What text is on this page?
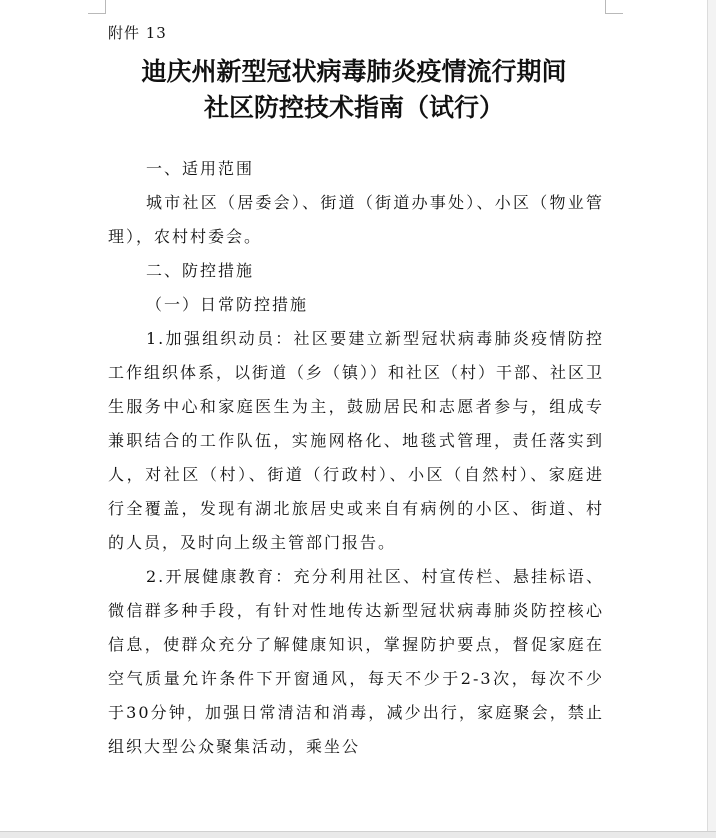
附件 13

迪庆州新型冠状病毒肺炎疫情流行期间
社区防控技术指南（试行）

一、适用范围

城市社区（居委会）、街道（街道办事处）、小区（物业管理），农村村委会。

二、防控措施

（一）日常防控措施

1.加强组织动员：社区要建立新型冠状病毒肺炎疫情防控工作组织体系，以街道（乡（镇））和社区（村）干部、社区卫生服务中心和家庭医生为主，鼓励居民和志愿者参与，组成专兼职结合的工作队伍，实施网格化、地毯式管理，责任落实到人，对社区（村）、街道（行政村）、小区（自然村）、家庭进行全覆盖，发现有湖北旅居史或来自有病例的小区、街道、村的人员，及时向上级主管部门报告。

2.开展健康教育：充分利用社区、村宣传栏、悬挂标语、微信群多种手段，有针对性地传达新型冠状病毒肺炎防控核心信息，使群众充分了解健康知识，掌握防护要点，督促家庭在空气质量允许条件下开窗通风，每天不少于2-3次，每次不少于30分钟，加强日常清洁和消毒，减少出行，家庭聚会，禁止组织大型公众聚集活动，乘坐公
